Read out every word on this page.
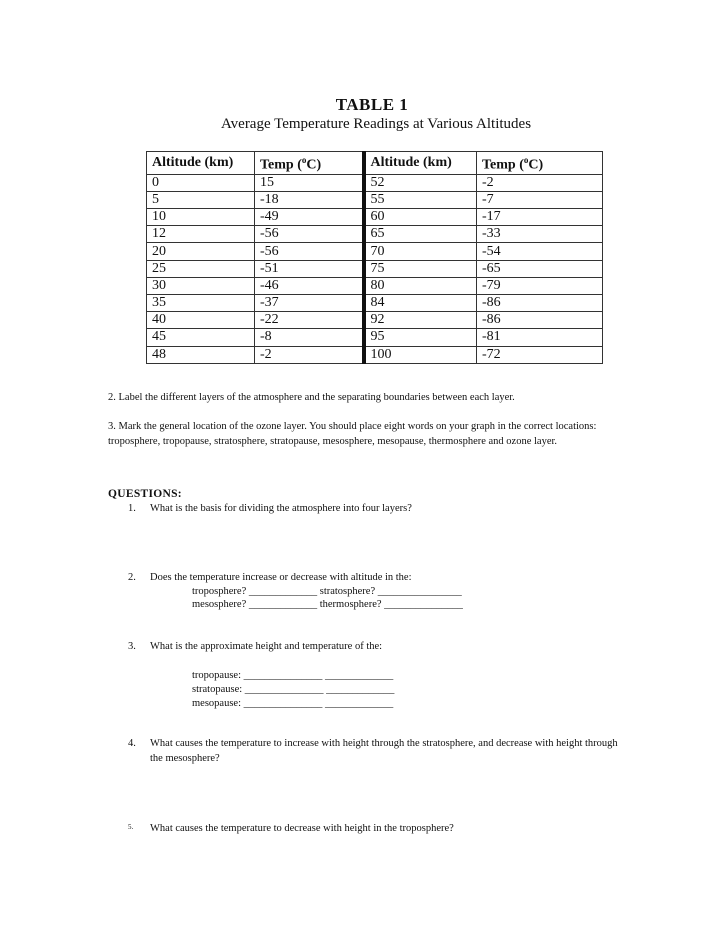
TABLE 1
Average Temperature Readings at Various Altitudes
Altitude (km)	Temp ($^o$C)	Altitude (km)	Temp ($^o$C)
0	15	52	-2
5	-18	55	-7
10	-49	60	-17
12	-56	65	-33
20	-56	70	-54
25	-51	75	-65
30	-46	80	-79
35	-37	84	-86
40	-22	92	-86
45	-8	95	-81
48	-2	100	-72

2. Label the different layers of the atmosphere and the separating boundaries between each layer.

3. Mark the general location of the ozone layer. You should place eight words on your graph in the correct locations: troposphere, tropopause, stratosphere, stratopause, mesosphere, mesopause, thermosphere and ozone layer.

QUESTIONS:

1. What is the basis for dividing the atmosphere into four layers?
2. Does the temperature increase or decrease with altitude in the:

troposphere? _____________ stratosphere? ________________

mesosphere? _____________ thermosphere? _______________

3. What is the approximate height and temperature of the:

tropopause: _______________ _____________

stratopause: _______________ _____________

mesopause: _______________ _____________

4. What causes the temperature to increase with height through the stratosphere, and decrease with height through the mesosphere?
5. What causes the temperature to decrease with height in the troposphere?
